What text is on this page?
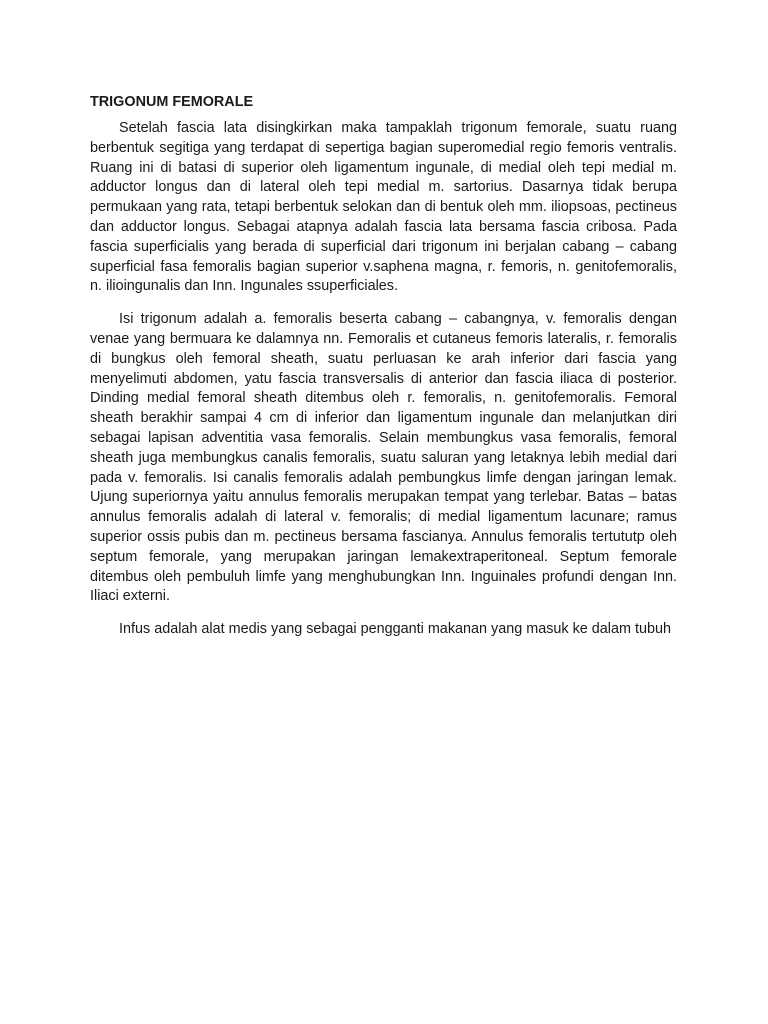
TRIGONUM FEMORALE

Setelah fascia lata disingkirkan maka tampaklah trigonum femorale, suatu ruang berbentuk segitiga yang terdapat di sepertiga bagian superomedial regio femoris ventralis. Ruang ini di batasi di superior oleh ligamentum ingunale, di medial oleh tepi medial m. adductor longus dan di lateral oleh tepi medial m. sartorius. Dasarnya tidak berupa permukaan yang rata, tetapi berbentuk selokan dan di bentuk oleh mm. iliopsoas, pectineus dan adductor longus. Sebagai atapnya adalah fascia lata bersama fascia cribosa. Pada fascia superficialis yang berada di superficial dari trigonum ini berjalan cabang – cabang superficial fasa femoralis bagian superior v.saphena magna, r. femoris, n. genitofemoralis, n. ilioingunalis dan Inn. Ingunales ssuperficiales.

Isi trigonum adalah a. femoralis beserta cabang – cabangnya, v. femoralis dengan venae yang bermuara ke dalamnya nn. Femoralis et cutaneus femoris lateralis, r. femoralis di bungkus oleh femoral sheath, suatu perluasan ke arah inferior dari fascia yang menyelimuti abdomen, yatu fascia transversalis di anterior dan fascia iliaca di posterior. Dinding medial femoral sheath ditembus oleh r. femoralis, n. genitofemoralis. Femoral sheath berakhir sampai 4 cm di inferior dan ligamentum ingunale dan melanjutkan diri sebagai lapisan adventitia vasa femoralis. Selain membungkus vasa femoralis, femoral sheath juga membungkus canalis femoralis, suatu saluran yang letaknya lebih medial dari pada v. femoralis. Isi canalis femoralis adalah pembungkus limfe dengan jaringan lemak. Ujung superiornya yaitu annulus femoralis merupakan tempat yang terlebar. Batas – batas annulus femoralis adalah di lateral v. femoralis; di medial ligamentum lacunare; ramus superior ossis pubis dan m. pectineus bersama fascianya. Annulus femoralis tertututp oleh septum femorale, yang merupakan jaringan lemakextraperitoneal. Septum femorale ditembus oleh pembuluh limfe yang menghubungkan Inn. Inguinales profundi dengan Inn. Iliaci externi.

Infus adalah alat medis yang sebagai pengganti makanan yang masuk ke dalam tubuh
